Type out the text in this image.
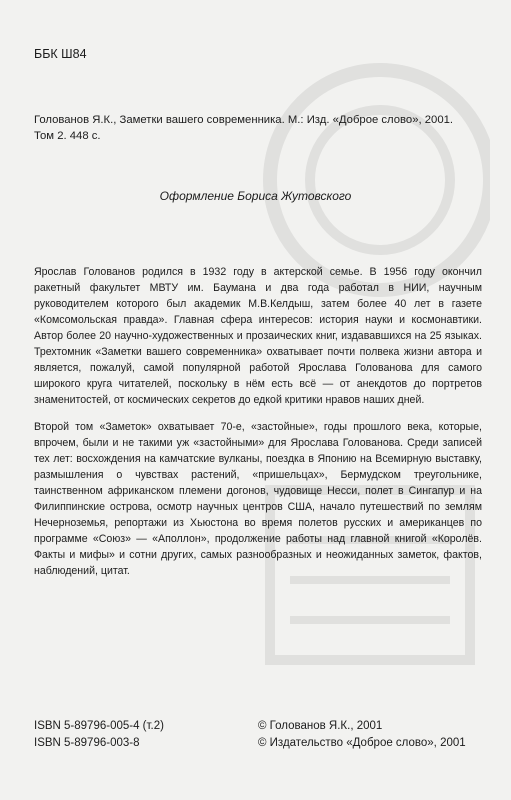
ББК Ш84
Голованов Я.К., Заметки вашего современника. М.: Изд. «Доброе слово», 2001.
Том 2. 448 с.
Оформление Бориса Жутовского
Ярослав Голованов родился в 1932 году в актерской семье. В 1956 году окончил ракетный факультет МВТУ им. Баумана и два года работал в НИИ, научным руководителем которого был академик М.В.Келдыш, затем более 40 лет в газете «Комсомольская правда». Главная сфера интересов: история науки и космонавтики. Автор более 20 научно-художественных и прозаических книг, издававшихся на 25 языках. Трехтомник «Заметки вашего современника» охватывает почти полвека жизни автора и является, пожалуй, самой популярной работой Ярослава Голованова для самого широкого круга читателей, поскольку в нём есть всё — от анекдотов до портретов знаменитостей, от космических секретов до едкой критики нравов наших дней.
Второй том «Заметок» охватывает 70-е, «застойные», годы прошлого века, которые, впрочем, были и не такими уж «застойными» для Ярослава Голованова. Среди записей тех лет: восхождения на камчатские вулканы, поездка в Японию на Всемирную выставку, размышления о чувствах растений, «пришельцах», Бермудском треугольнике, таинственном африканском племени догонов, чудовище Несси, полет в Сингапур и на Филиппинские острова, осмотр научных центров США, начало путешествий по землям Нечерноземья, репортажи из Хьюстона во время полетов русских и американцев по программе «Союз» — «Аполлон», продолжение работы над главной книгой «Королёв. Факты и мифы» и сотни других, самых разнообразных и неожиданных заметок, фактов, наблюдений, цитат.
ISBN 5-89796-005-4 (т.2)
ISBN 5-89796-003-8
© Голованов Я.К., 2001
© Издательство «Доброе слово», 2001
